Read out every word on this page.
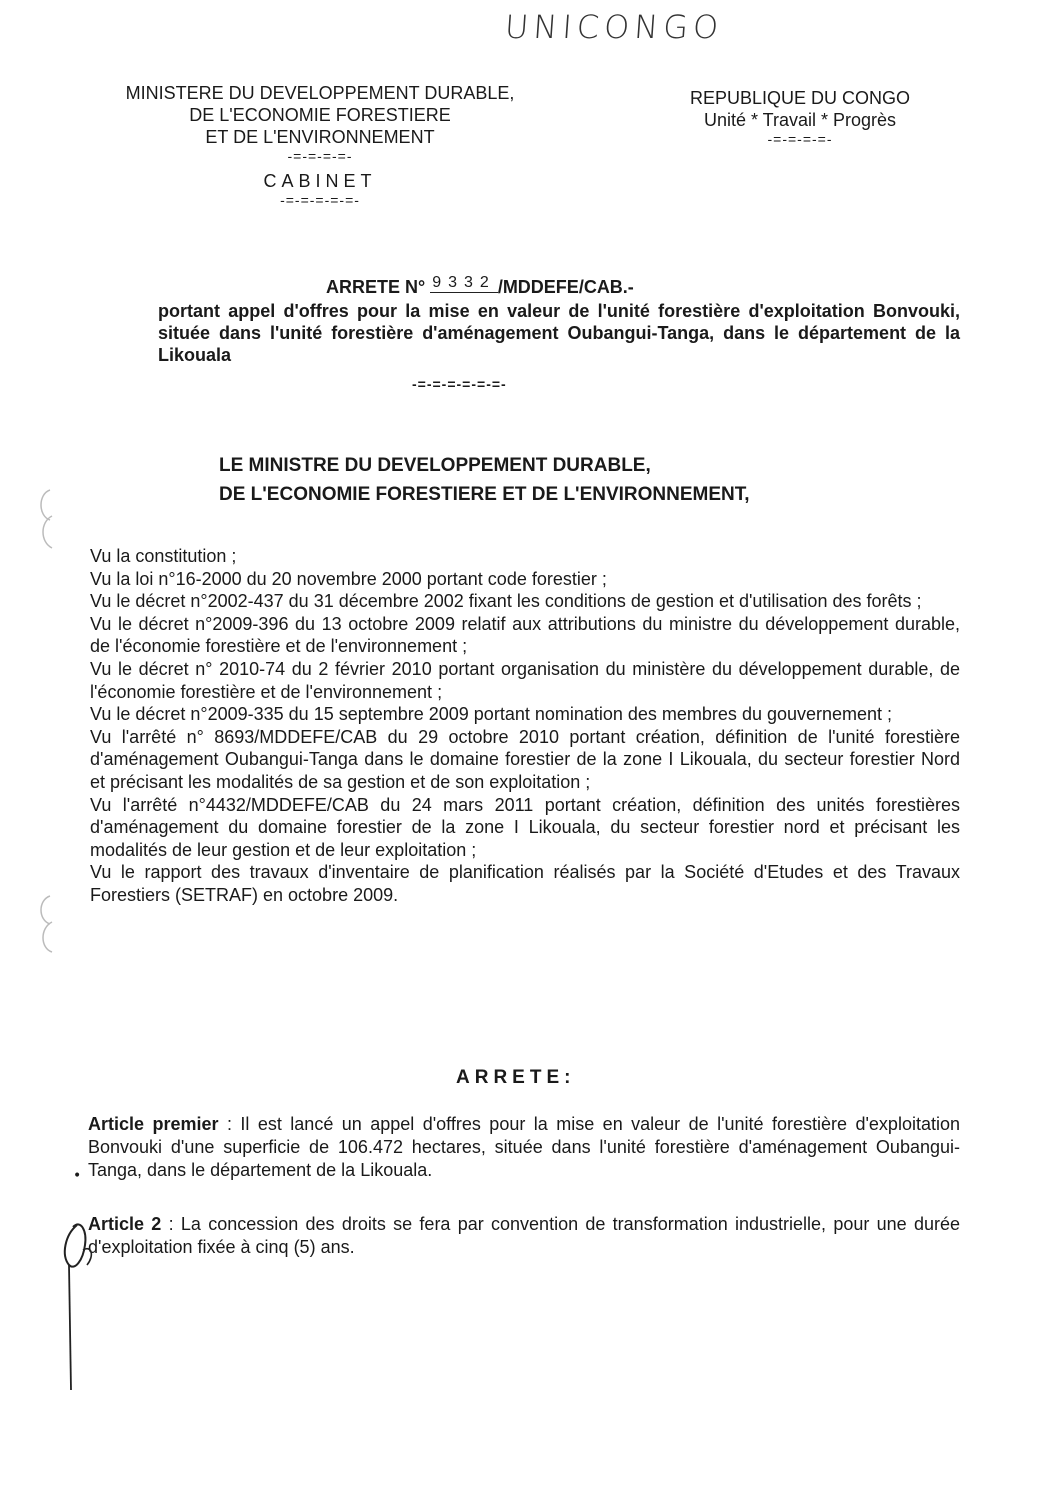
UNICONGO
MINISTERE DU DEVELOPPEMENT DURABLE,
DE L'ECONOMIE FORESTIERE
ET DE L'ENVIRONNEMENT
-=-=-=-=-
CABINET
-=-=-=-=-=-
REPUBLIQUE DU CONGO
Unité * Travail * Progrès
-=-=-=-=-
ARRETE N° 9332 /MDDEFE/CAB.-
portant appel d'offres pour la mise en valeur de l'unité forestière d'exploitation Bonvouki, située dans l'unité forestière d'aménagement Oubangui-Tanga, dans le département de la Likouala
-=-=-=-=-=-=-
LE MINISTRE DU DEVELOPPEMENT DURABLE,
DE L'ECONOMIE FORESTIERE ET DE L'ENVIRONNEMENT,

Vu la constitution ;

Vu la loi n°16-2000 du 20 novembre 2000 portant code forestier ;

Vu le décret n°2002-437 du 31 décembre 2002 fixant les conditions de gestion et d'utilisation des forêts ;

Vu le décret n°2009-396 du 13 octobre 2009 relatif aux attributions du ministre du développement durable, de l'économie forestière et de l'environnement ;

Vu le décret n° 2010-74 du 2 février 2010 portant organisation du ministère du développement durable, de l'économie forestière et de l'environnement ;

Vu le décret n°2009-335 du 15 septembre 2009 portant nomination des membres du gouvernement ;

Vu l'arrêté n° 8693/MDDEFE/CAB du 29 octobre 2010 portant création, définition de l'unité forestière d'aménagement Oubangui-Tanga dans le domaine forestier de la zone I Likouala, du secteur forestier Nord et précisant les modalités de sa gestion et de son exploitation ;

Vu l'arrêté n°4432/MDDEFE/CAB du 24 mars 2011 portant création, définition des unités forestières d'aménagement du domaine forestier de la zone I Likouala, du secteur forestier nord et précisant les modalités de leur gestion et de leur exploitation ;

Vu le rapport des travaux d'inventaire de planification réalisés par la Société d'Etudes et des Travaux Forestiers (SETRAF) en octobre 2009.

ARRETE:
Article premier : Il est lancé un appel d'offres pour la mise en valeur de l'unité forestière d'exploitation Bonvouki d'une superficie de 106.472 hectares, située dans l'unité forestière d'aménagement Oubangui-Tanga, dans le département de la Likouala.
Article 2 : La concession des droits se fera par convention de transformation industrielle, pour une durée d'exploitation fixée à cinq (5) ans.
•
